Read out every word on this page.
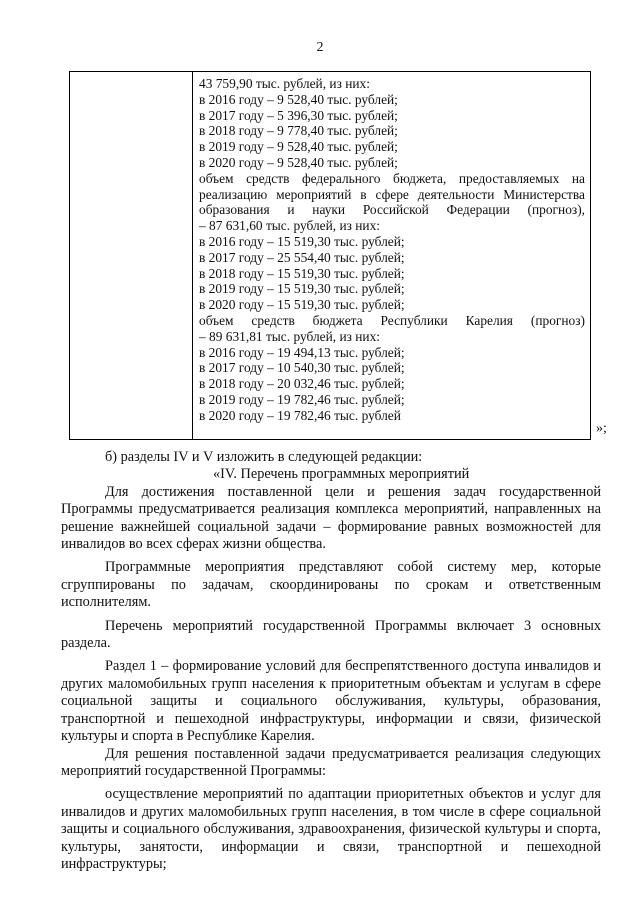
2
43 759,90 тыс. рублей, из них:
в 2016 году – 9 528,40 тыс. рублей;
в 2017 году – 5 396,30 тыс. рублей;
в 2018 году – 9 778,40 тыс. рублей;
в 2019 году – 9 528,40 тыс. рублей;
в 2020 году – 9 528,40 тыс. рублей;
объем средств федерального бюджета, предоставляемых на
реализацию мероприятий в сфере деятельности Министерства
образования и науки Российской Федерации (прогноз),
– 87 631,60 тыс. рублей, из них:
в 2016 году – 15 519,30 тыс. рублей;
в 2017 году – 25 554,40 тыс. рублей;
в 2018 году – 15 519,30 тыс. рублей;
в 2019 году – 15 519,30 тыс. рублей;
в 2020 году – 15 519,30 тыс. рублей;
объем средств бюджета Республики Карелия (прогноз)
– 89 631,81 тыс. рублей, из них:
в 2016 году – 19 494,13 тыс. рублей;
в 2017 году – 10 540,30 тыс. рублей;
в 2018 году – 20 032,46 тыс. рублей;
в 2019 году – 19 782,46 тыс. рублей;
в 2020 году – 19 782,46 тыс. рублей
»;

б) разделы IV и V изложить в следующей редакции:

«IV. Перечень программных мероприятий

Для достижения поставленной цели и решения задач государственной Программы предусматривается реализация комплекса мероприятий, направленных на решение важнейшей социальной задачи – формирование равных возможностей для инвалидов во всех сферах жизни общества.

Программные мероприятия представляют собой систему мер, которые сгруппированы по задачам, скоординированы по срокам и ответственным исполнителям.

Перечень мероприятий государственной Программы включает 3 основных раздела.

Раздел 1 – формирование условий для беспрепятственного доступа инвалидов и других маломобильных групп населения к приоритетным объектам и услугам в сфере социальной защиты и социального обслуживания, культуры, образования, транспортной и пешеходной инфраструктуры, информации и связи, физической культуры и спорта в Республике Карелия.

Для решения поставленной задачи предусматривается реализация следующих мероприятий государственной Программы:

осуществление мероприятий по адаптации приоритетных объектов и услуг для инвалидов и других маломобильных групп населения, в том числе в сфере социальной защиты и социального обслуживания, здравоохранения, физической культуры и спорта, культуры, занятости, информации и связи, транспортной и пешеходной инфраструктуры;
